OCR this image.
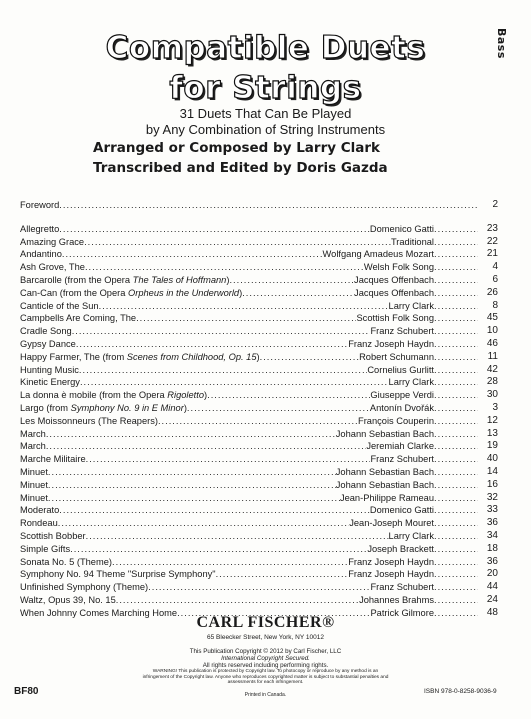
Bass
Compatible Duets
for Strings
31 Duets That Can Be Played
by Any Combination of String Instruments
Arranged or Composed by Larry Clark
Transcribed and Edited by Doris Gazda
Foreword .....	2
Allegretto .....	Domenico Gatti .....	23
Amazing Grace .....	Traditional .....	22
Andantino .....	Wolfgang Amadeus Mozart .....	21
Ash Grove, The .....	Welsh Folk Song .....	4
Barcarolle (from the Opera The Tales of Hoffmann) .....	Jacques Offenbach .....	6
Can-Can (from the Opera Orpheus in the Underworld) .....	Jacques Offenbach .....	26
Canticle of the Sun .....	Larry Clark .....	8
Campbells Are Coming, The .....	Scottish Folk Song .....	45
Cradle Song .....	Franz Schubert .....	10
Gypsy Dance .....	Franz Joseph Haydn .....	46
Happy Farmer, The (from Scenes from Childhood, Op. 15) .....	Robert Schumann .....	11
Hunting Music .....	Cornelius Gurlitt .....	42
Kinetic Energy .....	Larry Clark .....	28
La donna è mobile (from the Opera Rigoletto) .....	Giuseppe Verdi .....	30
Largo (from Symphony No. 9 in E Minor) .....	Antonín Dvořák .....	3
Les Moissonneurs (The Reapers) .....	François Couperin .....	12
March .....	Johann Sebastian Bach .....	13
March .....	Jeremiah Clarke .....	19
Marche Militaire .....	Franz Schubert .....	40
Minuet .....	Johann Sebastian Bach .....	14
Minuet .....	Johann Sebastian Bach .....	16
Minuet .....	Jean-Philippe Rameau .....	32
Moderato .....	Domenico Gatti .....	33
Rondeau .....	Jean-Joseph Mouret .....	36
Scottish Bobber .....	Larry Clark .....	34
Simple Gifts .....	Joseph Brackett .....	18
Sonata No. 5 (Theme) .....	Franz Joseph Haydn .....	36
Symphony No. 94 Theme "Surprise Symphony" .....	Franz Joseph Haydn .....	20
Unfinished Symphony (Theme) .....	Franz Schubert .....	44
Waltz, Opus 39, No. 15 .....	Johannes Brahms .....	24
When Johnny Comes Marching Home .....	Patrick Gilmore .....	48
CARL FISCHER®
65 Bleecker Street, New York, NY 10012
This Publication Copyright © 2012 by Carl Fischer, LLC
International Copyright Secured.
All rights reserved including performing rights.
WARNING! This publication is protected by Copyright law. To photocopy or reproduce by any method is an infringement of the Copyright law. Anyone who reproduces copyrighted matter is subject to substantial penalties and assessments for each infringement.
Printed in Canada.
BF80	ISBN 978-0-8258-9036-9
